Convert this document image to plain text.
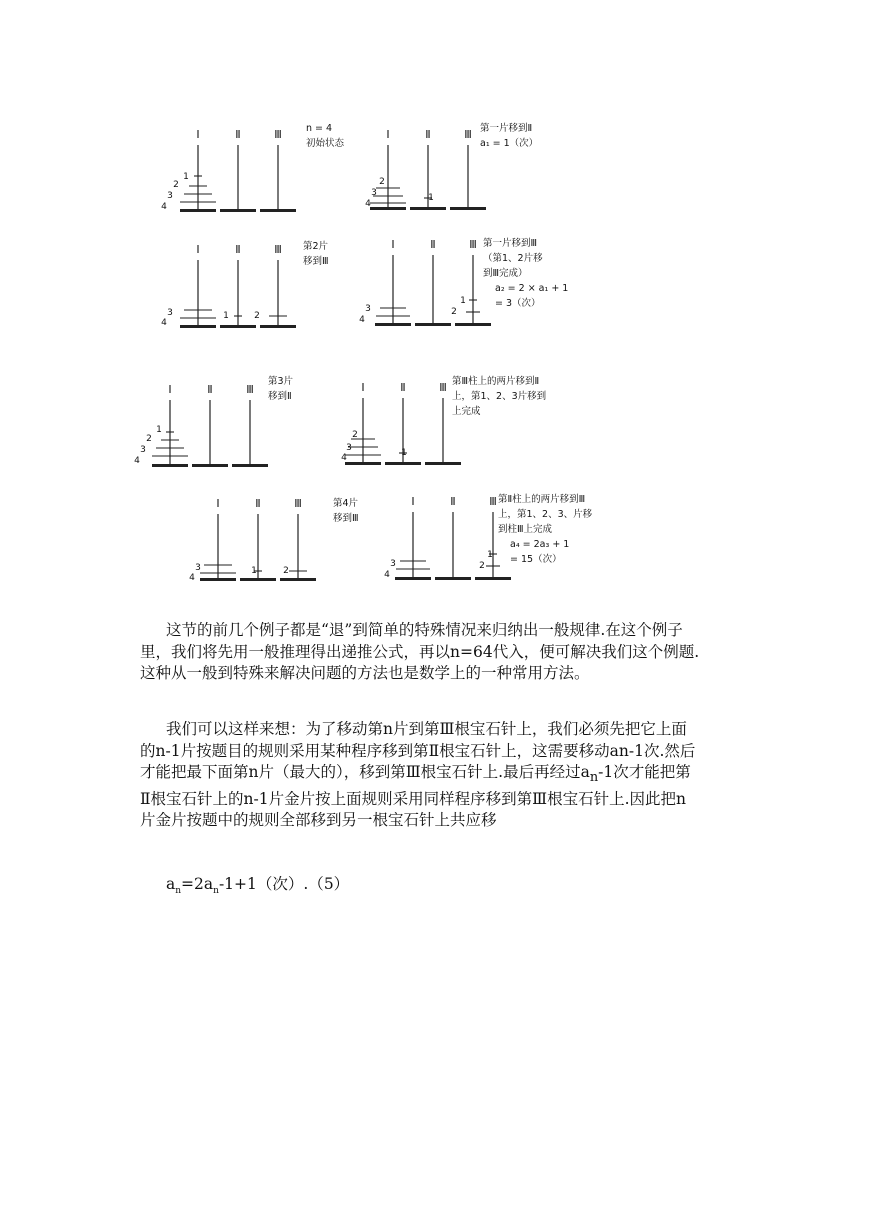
I	Ⅱ	Ⅲ
1
2
3
4
n = 4
初始状态
I	Ⅱ	Ⅲ
2
3
4
1
第一片移到Ⅱ
a₁ = 1（次）
I	Ⅱ	Ⅲ
3
4
1	2
第2片
移到Ⅲ
I	Ⅱ	Ⅲ
3
4
2
1
第一片移到Ⅲ
（第1、2片移
到Ⅲ完成）
a₂ = 2 × a₁ + 1
= 3（次）
I	Ⅱ	Ⅲ
1
2
3
4
第3片
移到Ⅱ
I	Ⅱ	Ⅲ
2
3
4	1
第Ⅲ柱上的两片移到Ⅱ
上，第1、2、3片移到
上完成
I	Ⅱ	Ⅲ
3
4
1	2
第4片
移到Ⅲ
I	Ⅱ	Ⅲ
3
4
2
1
第Ⅱ柱上的两片移到Ⅲ
上，第1、2、3、片移
到柱Ⅲ上完成
a₄ = 2a₃ + 1
= 15（次）

这节的前几个例子都是“退”到简单的特殊情况来归纳出一般规律.在这个例子里，我们将先用一般推理得出递推公式，再以n=64代入，便可解决我们这个例题.这种从一般到特殊来解决问题的方法也是数学上的一种常用方法。

我们可以这样来想：为了移动第n片到第Ⅲ根宝石针上，我们必须先把它上面的n-1片按题目的规则采用某种程序移到第Ⅱ根宝石针上，这需要移动an-1次.然后才能把最下面第n片（最大的），移到第Ⅲ根宝石针上.最后再经过$a_n-1$次才能把第Ⅱ根宝石针上的n-1片金片按上面规则采用同样程序移到第Ⅲ根宝石针上.因此把n片金片按题中的规则全部移到另一根宝石针上共应移

$a_n=2a_n-1+1$（次）.（5）
